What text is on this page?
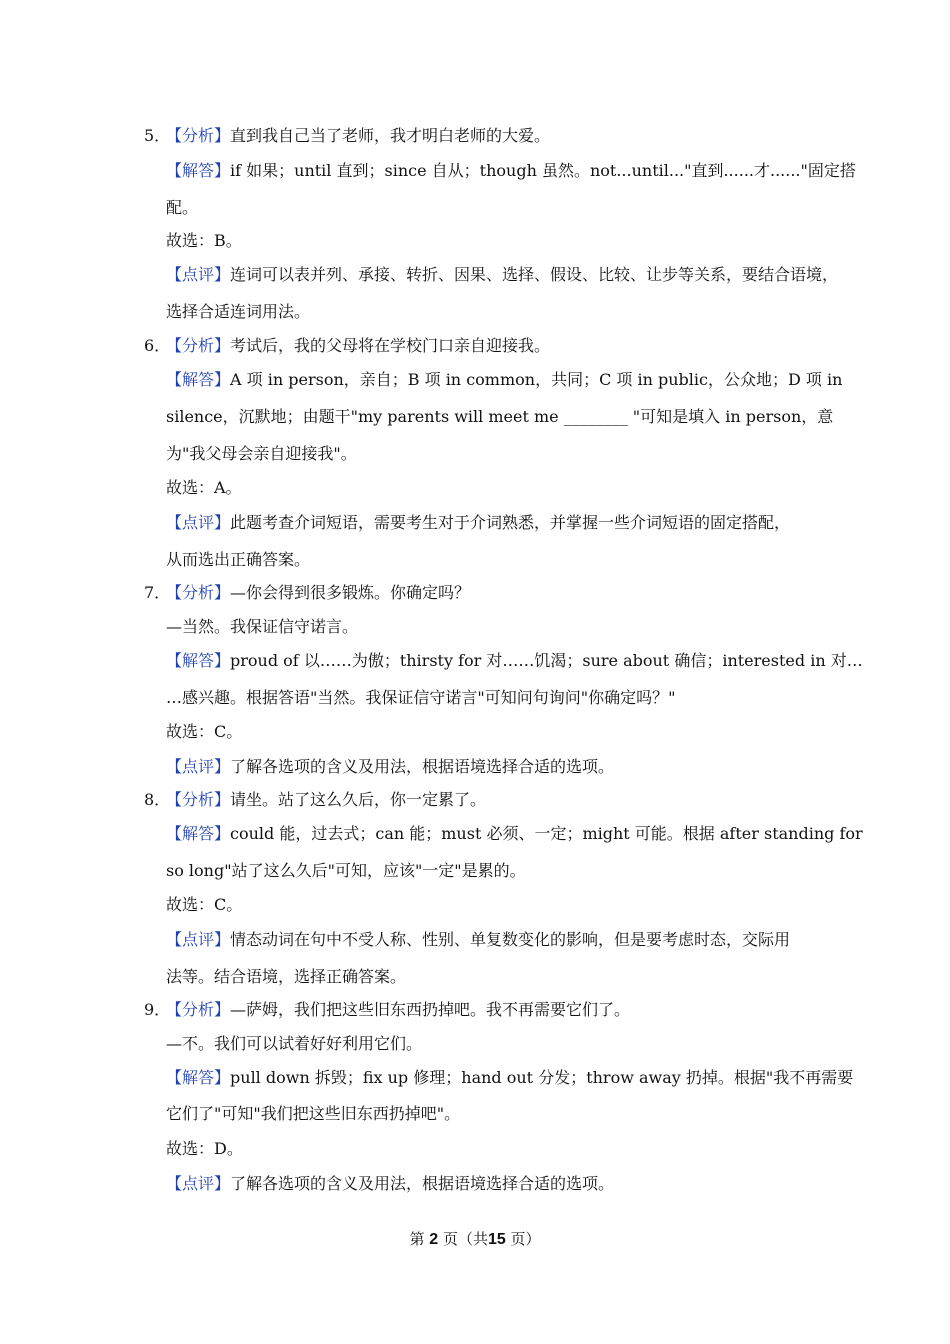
5．
【分析】直到我自己当了老师，我才明白老师的大爱。
【解答】if 如果；until 直到；since 自从；though 虽然。not...until..."直到......才......"固定搭
配。
故选：B。
【点评】连词可以表并列、承接、转折、因果、选择、假设、比较、让步等关系，要结合语境，
选择合适连词用法。
6．
【分析】考试后，我的父母将在学校门口亲自迎接我。
【解答】A 项 in person，亲自；B 项 in common，共同；C 项 in public，公众地；D 项 in
silence，沉默地；由题干"my parents will meet me ________ "可知是填入 in person，意
为"我父母会亲自迎接我"。
故选：A。
【点评】此题考查介词短语，需要考生对于介词熟悉，并掌握一些介词短语的固定搭配，
从而选出正确答案。
7．
【分析】—你会得到很多锻炼。你确定吗？
—当然。我保证信守诺言。
【解答】proud of 以……为傲；thirsty for 对……饥渴；sure about 确信；interested in 对…
…感兴趣。根据答语"当然。我保证信守诺言"可知问句询问"你确定吗？"
故选：C。
【点评】了解各选项的含义及用法，根据语境选择合适的选项。
8．
【分析】请坐。站了这么久后，你一定累了。
【解答】could 能，过去式；can 能；must 必须、一定；might 可能。根据 after standing for
so long"站了这么久后"可知，应该"一定"是累的。
故选：C。
【点评】情态动词在句中不受人称、性别、单复数变化的影响，但是要考虑时态，交际用
法等。结合语境，选择正确答案。
9．
【分析】—萨姆，我们把这些旧东西扔掉吧。我不再需要它们了。
—不。我们可以试着好好利用它们。
【解答】pull down 拆毁；fix up 修理；hand out 分发；throw away 扔掉。根据"我不再需要
它们了"可知"我们把这些旧东西扔掉吧"。
故选：D。
【点评】了解各选项的含义及用法，根据语境选择合适的选项。
第 2 页（共15 页）
